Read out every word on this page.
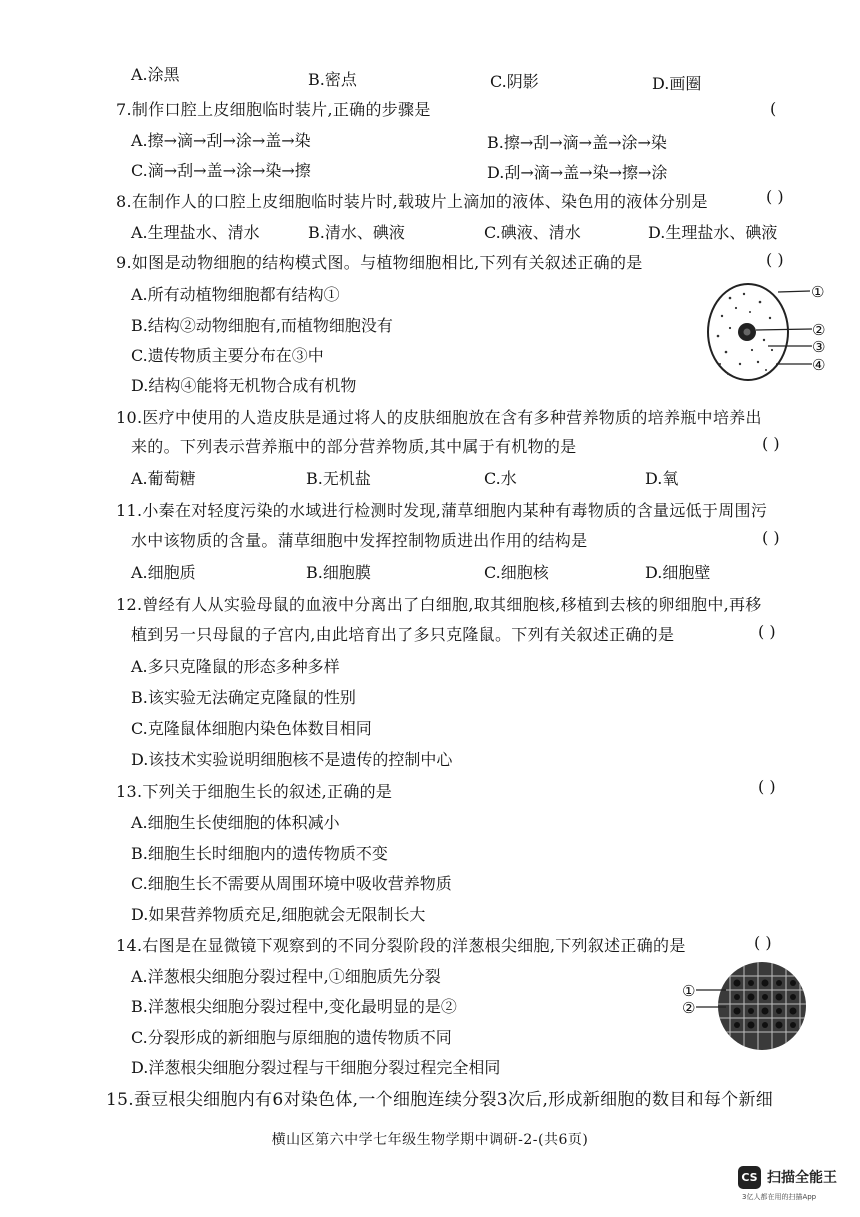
A.涂黑	B.密点	C.阴影	D.画圈
7.制作口腔上皮细胞临时装片,正确的步骤是	(
A.擦→滴→刮→涂→盖→染	B.擦→刮→滴→盖→涂→染
C.滴→刮→盖→涂→染→擦	D.刮→滴→盖→染→擦→涂
8.在制作人的口腔上皮细胞临时装片时,载玻片上滴加的液体、染色用的液体分别是	( )
A.生理盐水、清水	B.清水、碘液	C.碘液、清水	D.生理盐水、碘液
9.如图是动物细胞的结构模式图。与植物细胞相比,下列有关叙述正确的是	( )
A.所有动植物细胞都有结构①
B.结构②动物细胞有,而植物细胞没有
C.遗传物质主要分布在③中
D.结构④能将无机物合成有机物
①
②
③
④
10.医疗中使用的人造皮肤是通过将人的皮肤细胞放在含有多种营养物质的培养瓶中培养出
来的。下列表示营养瓶中的部分营养物质,其中属于有机物的是	( )
A.葡萄糖	B.无机盐	C.水	D.氧
11.小秦在对轻度污染的水域进行检测时发现,蒲草细胞内某种有毒物质的含量远低于周围污
水中该物质的含量。蒲草细胞中发挥控制物质进出作用的结构是	( )
A.细胞质	B.细胞膜	C.细胞核	D.细胞壁
12.曾经有人从实验母鼠的血液中分离出了白细胞,取其细胞核,移植到去核的卵细胞中,再移
植到另一只母鼠的子宫内,由此培育出了多只克隆鼠。下列有关叙述正确的是	( )
A.多只克隆鼠的形态多种多样
B.该实验无法确定克隆鼠的性别
C.克隆鼠体细胞内染色体数目相同
D.该技术实验说明细胞核不是遗传的控制中心
13.下列关于细胞生长的叙述,正确的是	( )
A.细胞生长使细胞的体积减小
B.细胞生长时细胞内的遗传物质不变
C.细胞生长不需要从周围环境中吸收营养物质
D.如果营养物质充足,细胞就会无限制长大
14.右图是在显微镜下观察到的不同分裂阶段的洋葱根尖细胞,下列叙述正确的是	( )
A.洋葱根尖细胞分裂过程中,①细胞质先分裂
B.洋葱根尖细胞分裂过程中,变化最明显的是②
C.分裂形成的新细胞与原细胞的遗传物质不同
D.洋葱根尖细胞分裂过程与干细胞分裂过程完全相同
①
②
15.蚕豆根尖细胞内有6对染色体,一个细胞连续分裂3次后,形成新细胞的数目和每个新细
横山区第六中学七年级生物学期中调研-2-(共6页)
CS 扫描全能王
3亿人都在用的扫描App
